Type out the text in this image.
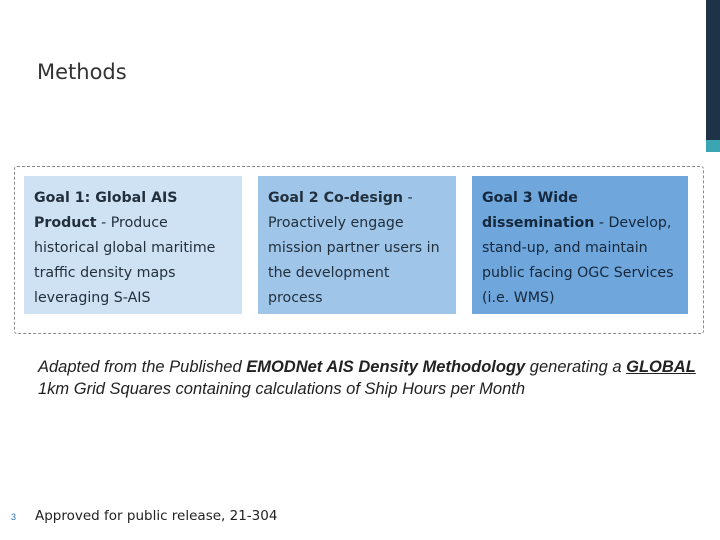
Methods
Goal 1: Global AIS Product - Produce historical global maritime traffic density maps leveraging S-AIS
Goal 2 Co-design - Proactively engage mission partner users in the development process
Goal 3 Wide dissemination - Develop, stand-up, and maintain public facing OGC Services (i.e. WMS)

Adapted from the Published EMODNet AIS Density Methodology generating a GLOBAL 1km Grid Squares containing calculations of Ship Hours per Month

3 Approved for public release, 21-304
